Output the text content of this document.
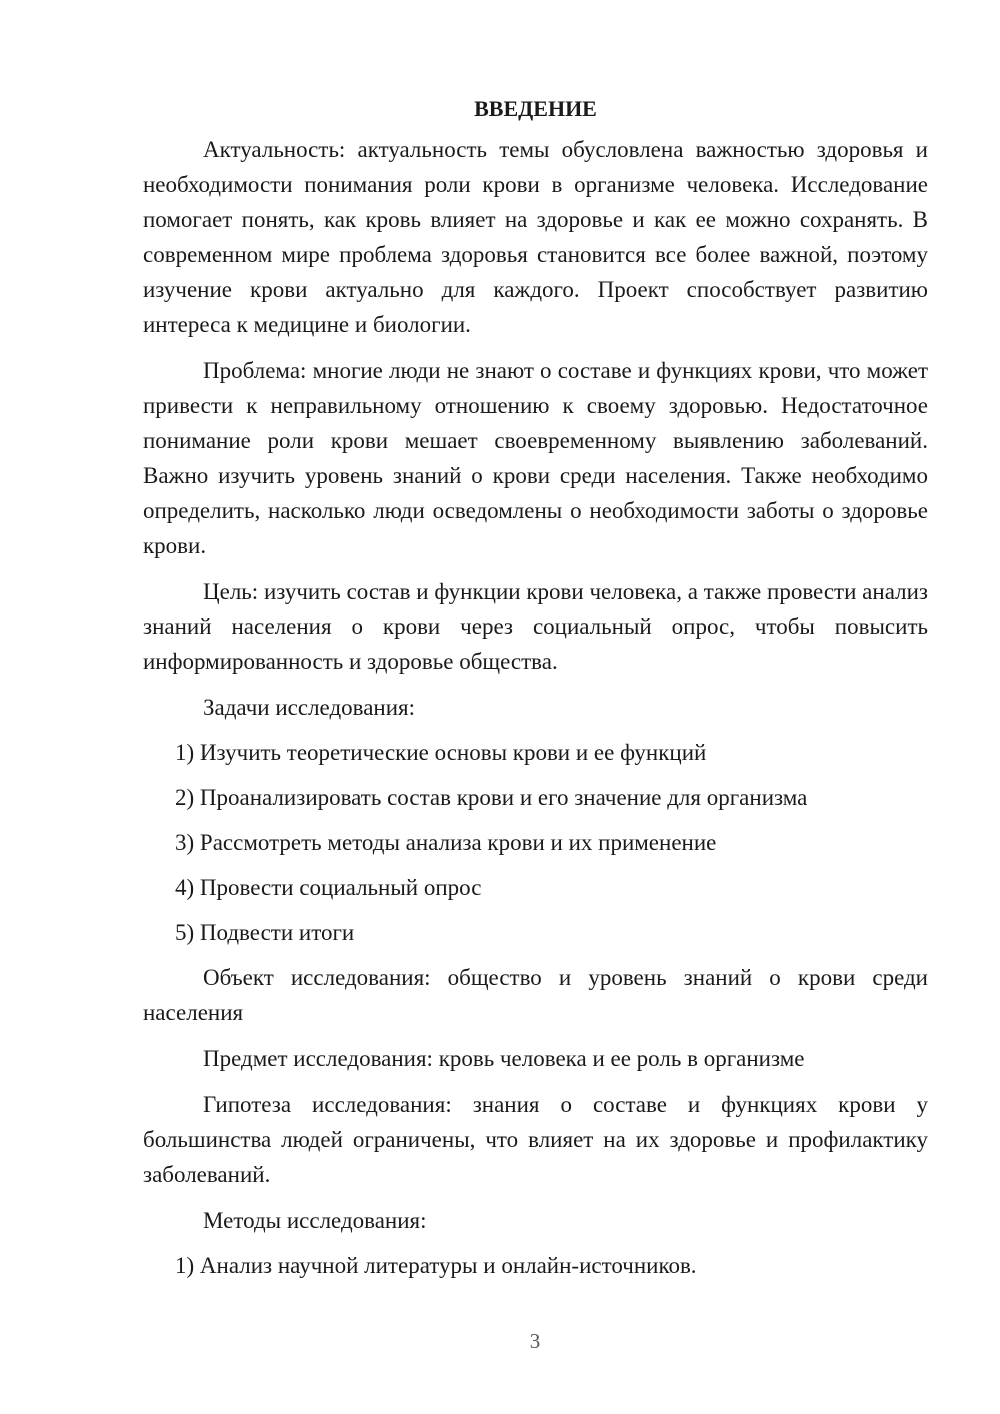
ВВЕДЕНИЕ

Актуальность: актуальность темы обусловлена важностью здоровья и необходимости понимания роли крови в организме человека. Исследование помогает понять, как кровь влияет на здоровье и как ее можно сохранять. В современном мире проблема здоровья становится все более важной, поэтому изучение крови актуально для каждого. Проект способствует развитию интереса к медицине и биологии.

Проблема: многие люди не знают о составе и функциях крови, что может привести к неправильному отношению к своему здоровью. Недостаточное понимание роли крови мешает своевременному выявлению заболеваний. Важно изучить уровень знаний о крови среди населения. Также необходимо определить, насколько люди осведомлены о необходимости заботы о здоровье крови.

Цель: изучить состав и функции крови человека, а также провести анализ знаний населения о крови через социальный опрос, чтобы повысить информированность и здоровье общества.

Задачи исследования:
1) Изучить теоретические основы крови и ее функций
2) Проанализировать состав крови и его значение для организма
3) Рассмотреть методы анализа крови и их применение
4) Провести социальный опрос
5) Подвести итоги

Объект исследования: общество и уровень знаний о крови среди населения

Предмет исследования: кровь человека и ее роль в организме

Гипотеза исследования: знания о составе и функциях крови у большинства людей ограничены, что влияет на их здоровье и профилактику заболеваний.

Методы исследования:
1) Анализ научной литературы и онлайн-источников.
3
